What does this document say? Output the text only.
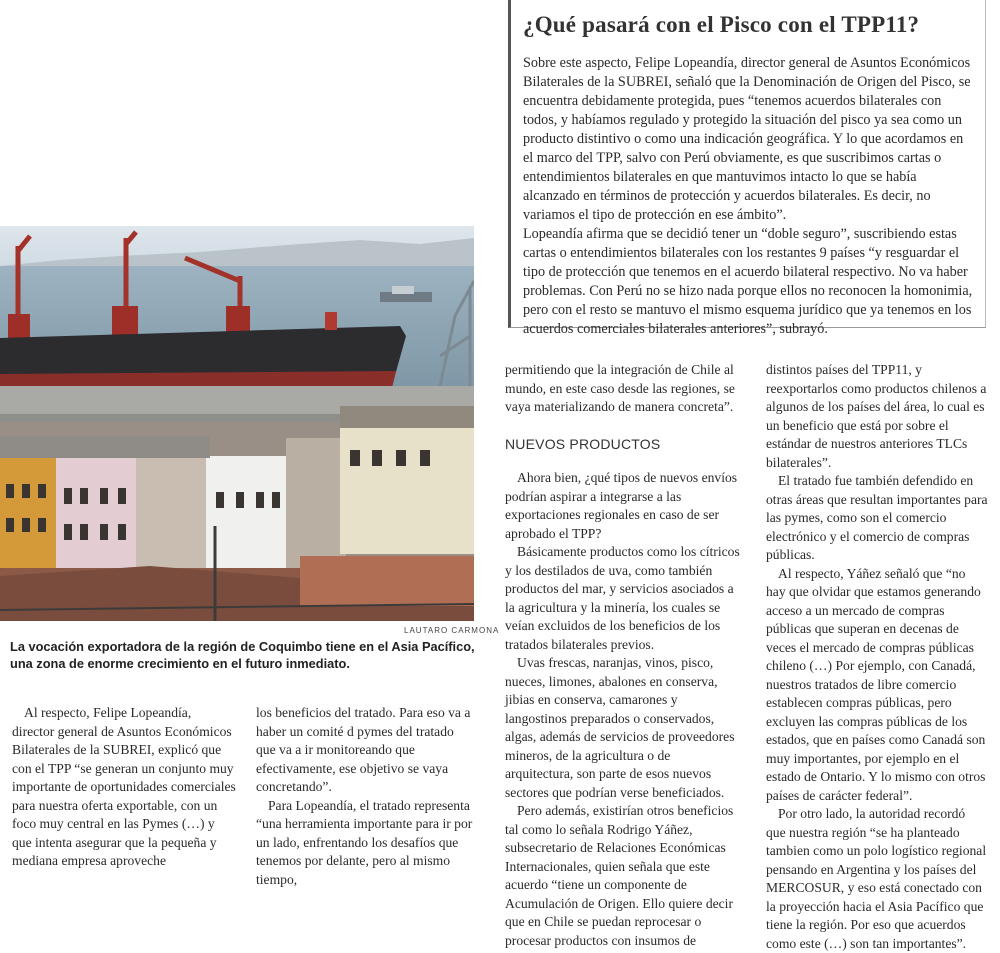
¿Qué pasará con el Pisco con el TPP11?

Sobre este aspecto, Felipe Lopeandía, director general de Asuntos Económicos Bilaterales de la SUBREI, señaló que la Denominación de Origen del Pisco, se encuentra debidamente protegida, pues “tenemos acuerdos bilaterales con todos, y habíamos regulado y protegido la situación del pisco ya sea como un producto distintivo o como una indicación geográfica. Y lo que acordamos en el marco del TPP, salvo con Perú obviamente, es que suscribimos cartas o entendimientos bilaterales en que mantuvimos intacto lo que se había alcanzado en términos de protección y acuerdos bilaterales. Es decir, no variamos el tipo de protección en ese ámbito”.

Lopeandía afirma que se decidió tener un “doble seguro”, suscribiendo estas cartas o entendimientos bilaterales con los restantes 9 países “y resguardar el tipo de protección que tenemos en el acuerdo bilateral respectivo. No va haber problemas. Con Perú no se hizo nada porque ellos no reconocen la homonimia, pero con el resto se mantuvo el mismo esquema jurídico que ya tenemos en los acuerdos comerciales bilaterales anteriores”, subrayó.

LAUTARO CARMONA
La vocación exportadora de la región de Coquimbo tiene en el Asia Pacífico, una zona de enorme crecimiento en el futuro inmediato.

Al respecto, Felipe Lopeandía, director general de Asuntos Económicos Bilaterales de la SUBREI, explicó que con el TPP “se generan un conjunto muy importante de oportunidades comerciales para nuestra oferta exportable, con un foco muy central en las Pymes (…) y que intenta asegurar que la pequeña y mediana empresa aproveche

los beneficios del tratado. Para eso va a haber un comité d pymes del tratado que va a ir monitoreando que efectivamente, ese objetivo se vaya concretando”.

Para Lopeandía, el tratado representa “una herramienta importante para ir por un lado, enfrentando los desafíos que tenemos por delante, pero al mismo tiempo,

permitiendo que la integración de Chile al mundo, en este caso desde las regiones, se vaya materializando de manera concreta”.

NUEVOS PRODUCTOS

Ahora bien, ¿qué tipos de nuevos envíos podrían aspirar a integrarse a las exportaciones regionales en caso de ser aprobado el TPP?

Básicamente productos como los cítricos y los destilados de uva, como también productos del mar, y servicios asociados a la agricultura y la minería, los cuales se veían excluidos de los beneficios de los tratados bilaterales previos.

Uvas frescas, naranjas, vinos, pisco, nueces, limones, abalones en conserva, jibias en conserva, camarones y langostinos preparados o conservados, algas, además de servicios de proveedores mineros, de la agricultura o de arquitectura, son parte de esos nuevos sectores que podrían verse beneficiados.

Pero además, existirían otros beneficios tal como lo señala Rodrigo Yáñez, subsecretario de Relaciones Económicas Internacionales, quien señala que este acuerdo “tiene un componente de Acumulación de Origen. Ello quiere decir que en Chile se puedan reprocesar o procesar productos con insumos de

distintos países del TPP11, y reexportarlos como productos chilenos a algunos de los países del área, lo cual es un beneficio que está por sobre el estándar de nuestros anteriores TLCs bilaterales”.

El tratado fue también defendido en otras áreas que resultan importantes para las pymes, como son el comercio electrónico y el comercio de compras públicas.

Al respecto, Yáñez señaló que “no hay que olvidar que estamos generando acceso a un mercado de compras públicas que superan en decenas de veces el mercado de compras públicas chileno (…) Por ejemplo, con Canadá, nuestros tratados de libre comercio establecen compras públicas, pero excluyen las compras públicas de los estados, que en países como Canadá son muy importantes, por ejemplo en el estado de Ontario. Y lo mismo con otros países de carácter federal”.

Por otro lado, la autoridad recordó que nuestra región “se ha planteado tambien como un polo logístico regional pensando en Argentina y los países del MERCOSUR, y eso está conectado con la proyección hacia el Asia Pacífico que tiene la región. Por eso que acuerdos como este (…) son tan importantes”.
